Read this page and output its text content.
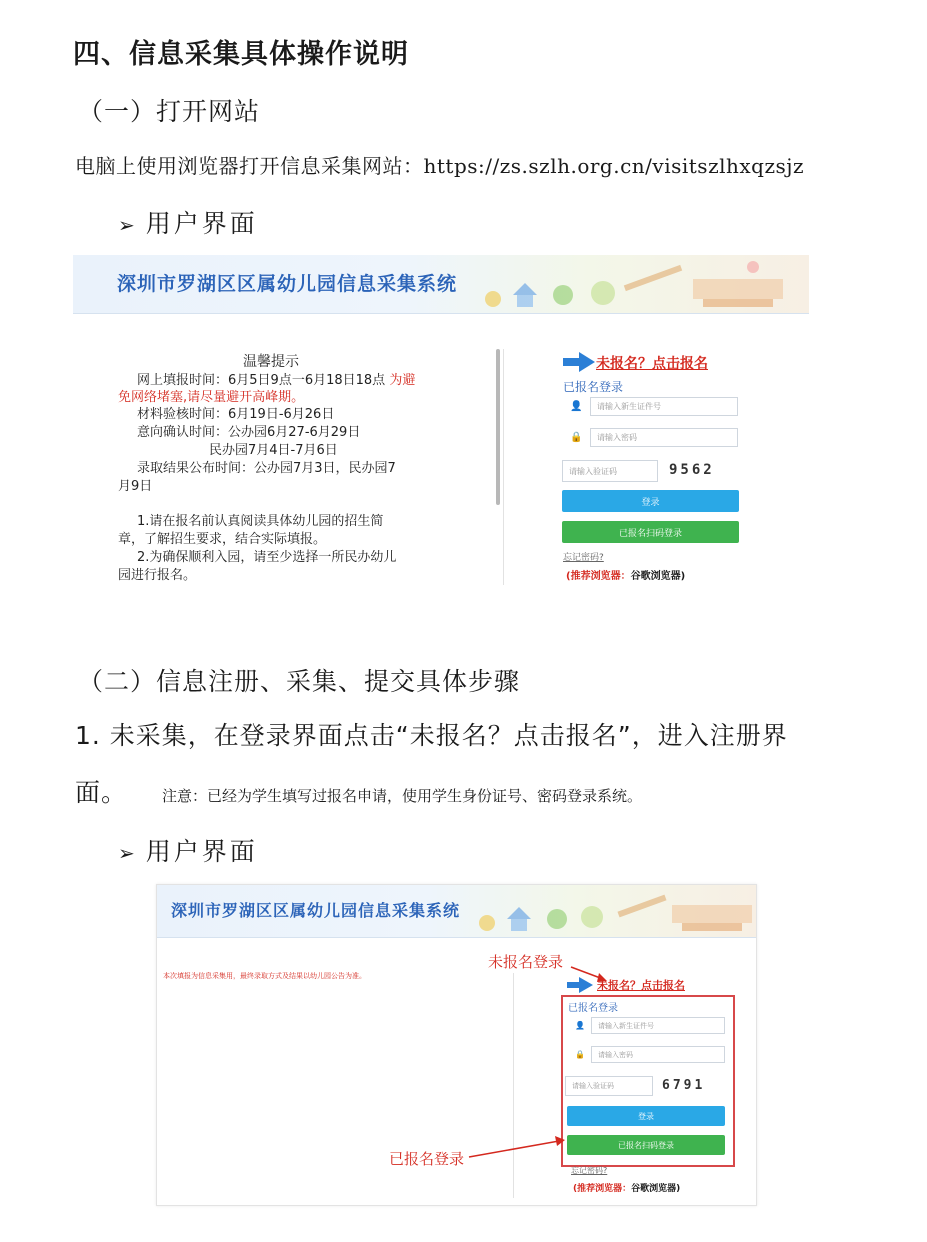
四、信息采集具体操作说明
（一）打开网站
电脑上使用浏览器打开信息采集网站：https://zs.szlh.org.cn/visitszlhxqzsjz
➢ 用户界面
深圳市罗湖区区属幼儿园信息采集系统
温馨提示
网上填报时间：6月5日9点一6月18日18点 为避
免网络堵塞,请尽量避开高峰期。
材料验核时间：6月19日-6月26日
意向确认时间：公办园6月27-6月29日
民办园7月4日-7月6日
录取结果公布时间：公办园7月3日，民办园7
月9日
1.请在报名前认真阅读具体幼儿园的招生简
章，了解招生要求，结合实际填报。
2.为确保顺利入园，请至少选择一所民办幼儿
园进行报名。
未报名？点击报名
已报名登录
👤	请输入新生证件号
🔒	请输入密码
请输入验证码	9562
登录
已报名扫码登录
忘记密码?
(推荐浏览器：谷歌浏览器)
（二）信息注册、采集、提交具体步骤
1. 未采集，在登录界面点击“未报名？点击报名”，进入注册界
面。 注意：已经为学生填写过报名申请，使用学生身份证号、密码登录系统。
➢ 用户界面
深圳市罗湖区区属幼儿园信息采集系统
本次填报为信息采集用，最终录取方式及结果以幼儿园公告为准。
未报名登录
未报名？点击报名
已报名登录
👤	请输入新生证件号
🔒	请输入密码
请输入验证码	6791
登录
已报名扫码登录
忘记密码?
(推荐浏览器：谷歌浏览器)
已报名登录
